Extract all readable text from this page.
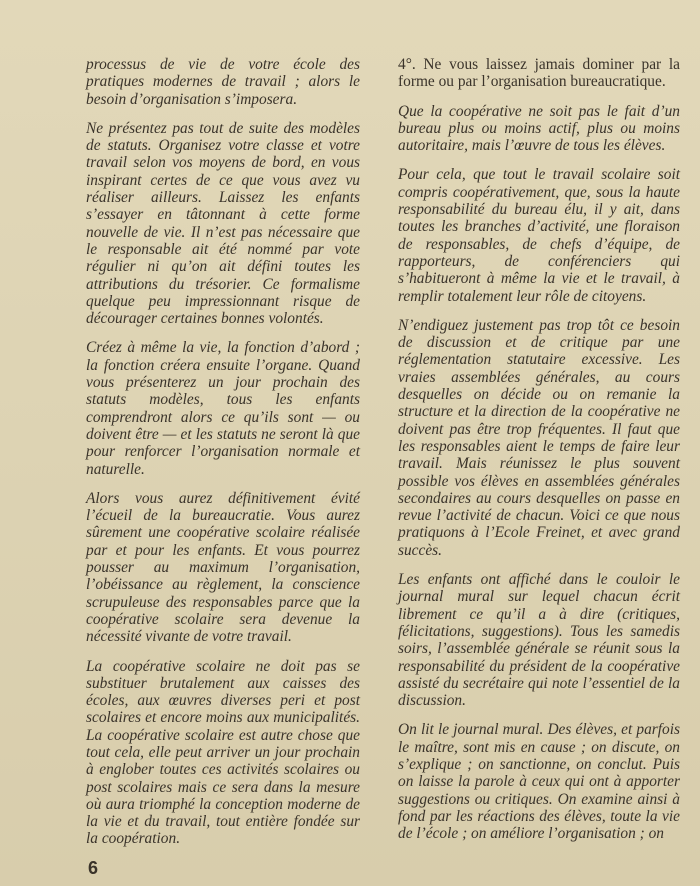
processus de vie de votre école des pratiques modernes de travail ; alors le besoin d’organisation s’imposera.

Ne présentez pas tout de suite des modèles de statuts. Organisez votre classe et votre travail selon vos moyens de bord, en vous inspirant certes de ce que vous avez vu réaliser ailleurs. Laissez les enfants s’essayer en tâtonnant à cette forme nouvelle de vie. Il n’est pas nécessaire que le responsable ait été nommé par vote régulier ni qu’on ait défini toutes les attributions du trésorier. Ce formalisme quelque peu impressionnant risque de décourager certaines bonnes volontés.

Créez à même la vie, la fonction d’abord ; la fonction créera ensuite l’organe. Quand vous présenterez un jour prochain des statuts modèles, tous les enfants comprendront alors ce qu’ils sont — ou doivent être — et les statuts ne seront là que pour renforcer l’organisation normale et naturelle.

Alors vous aurez définitivement évité l’écueil de la bureaucratie. Vous aurez sûrement une coopérative scolaire réalisée par et pour les enfants. Et vous pourrez pousser au maximum l’organisation, l’obéissance au règlement, la conscience scrupuleuse des responsables parce que la coopérative scolaire sera devenue la nécessité vivante de votre travail.

La coopérative scolaire ne doit pas se substituer brutalement aux caisses des écoles, aux œuvres diverses peri et post scolaires et encore moins aux municipalités. La coopérative scolaire est autre chose que tout cela, elle peut arriver un jour prochain à englober toutes ces activités scolaires ou post scolaires mais ce sera dans la mesure où aura triomphé la conception moderne de la vie et du travail, tout entière fondée sur la coopération.

4°. Ne vous laissez jamais dominer par la forme ou par l’organisation bureaucratique.

Que la coopérative ne soit pas le fait d’un bureau plus ou moins actif, plus ou moins autoritaire, mais l’œuvre de tous les élèves.

Pour cela, que tout le travail scolaire soit compris coopérativement, que, sous la haute responsabilité du bureau élu, il y ait, dans toutes les branches d’activité, une floraison de responsables, de chefs d’équipe, de rapporteurs, de conférenciers qui s’habitueront à même la vie et le travail, à remplir totalement leur rôle de citoyens.

N’endiguez justement pas trop tôt ce besoin de discussion et de critique par une réglementation statutaire excessive. Les vraies assemblées générales, au cours desquelles on décide ou on remanie la structure et la direction de la coopérative ne doivent pas être trop fréquentes. Il faut que les responsables aient le temps de faire leur travail. Mais réunissez le plus souvent possible vos élèves en assemblées générales secondaires au cours desquelles on passe en revue l’activité de chacun. Voici ce que nous pratiquons à l’Ecole Freinet, et avec grand succès.

Les enfants ont affiché dans le couloir le journal mural sur lequel chacun écrit librement ce qu’il a à dire (critiques, félicitations, suggestions). Tous les samedis soirs, l’assemblée générale se réunit sous la responsabilité du président de la coopérative assisté du secrétaire qui note l’essentiel de la discussion.

On lit le journal mural. Des élèves, et parfois le maître, sont mis en cause ; on discute, on s’explique ; on sanctionne, on conclut. Puis on laisse la parole à ceux qui ont à apporter suggestions ou critiques. On examine ainsi à fond par les réactions des élèves, toute la vie de l’école ; on améliore l’organisation ; on

6
